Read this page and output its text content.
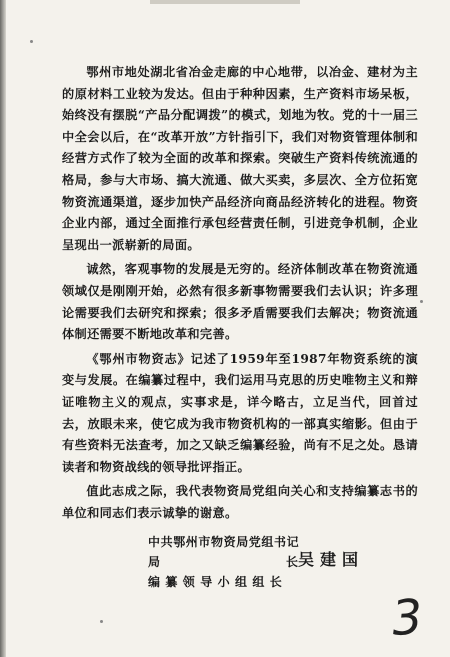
鄂州市地处湖北省冶金走廊的中心地带，以冶金、建材为主的原材料工业较为发达。但由于种种因素，生产资料市场呆板，始终没有摆脱“产品分配调拨”的模式，划地为牧。党的十一届三中全会以后，在“改革开放”方针指引下，我们对物资管理体制和经营方式作了较为全面的改革和探索。突破生产资料传统流通的格局，参与大市场、搞大流通、做大买卖，多层次、全方位拓宽物资流通渠道，逐步加快产品经济向商品经济转化的进程。物资企业内部，通过全面推行承包经营责任制，引进竞争机制，企业呈现出一派崭新的局面。

诚然，客观事物的发展是无穷的。经济体制改革在物资流通领域仅是刚刚开始，必然有很多新事物需要我们去认识；许多理论需要我们去研究和探索；很多矛盾需要我们去解决；物资流通体制还需要不断地改革和完善。

《鄂州市物资志》记述了1959年至1987年物资系统的演变与发展。在编纂过程中，我们运用马克思的历史唯物主义和辩证唯物主义的观点，实事求是，详今略古，立足当代，回首过去，放眼未来，使它成为我市物资机构的一部真实缩影。但由于有些资料无法查考，加之又缺乏编纂经验，尚有不足之处。恳请读者和物资战线的领导批评指正。

值此志成之际，我代表物资局党组向关心和支持编纂志书的单位和同志们表示诚挚的谢意。

中共鄂州市物资局党组书记
局	长 吴建国
编纂领导小组组长
3
